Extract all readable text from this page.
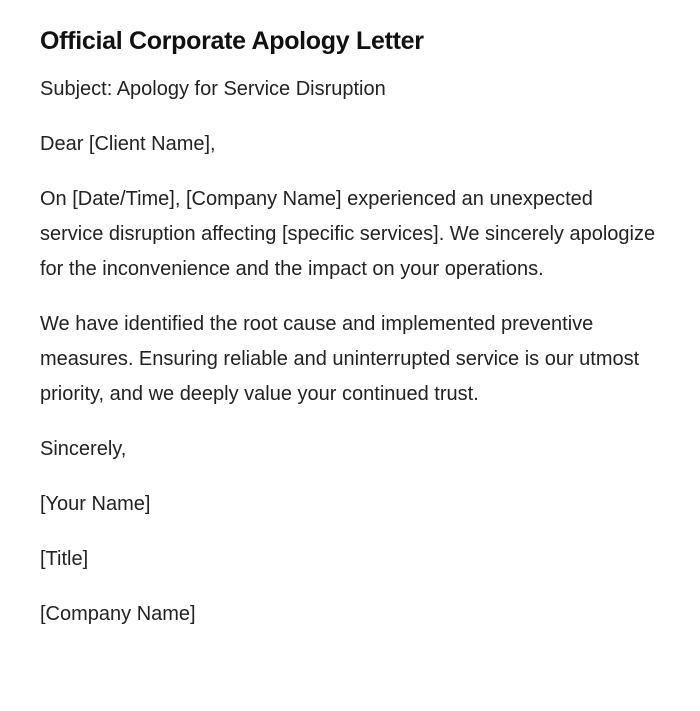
Official Corporate Apology Letter

Subject: Apology for Service Disruption

Dear [Client Name],

On [Date/Time], [Company Name] experienced an unexpected service disruption affecting [specific services]. We sincerely apologize for the inconvenience and the impact on your operations.

We have identified the root cause and implemented preventive measures. Ensuring reliable and uninterrupted service is our utmost priority, and we deeply value your continued trust.

Sincerely,

[Your Name]

[Title]

[Company Name]
